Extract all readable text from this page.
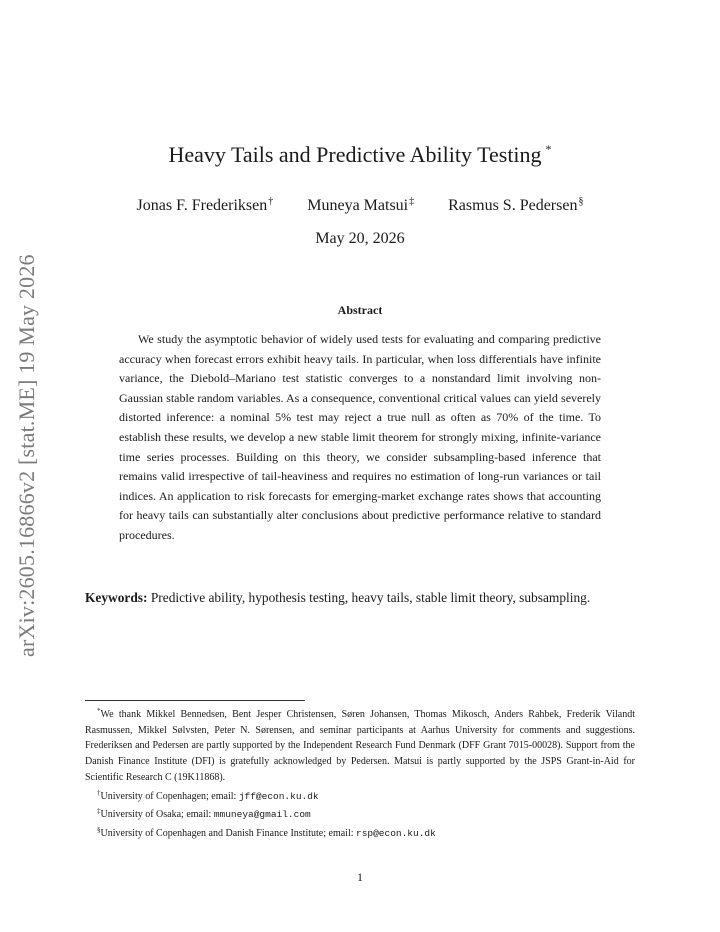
arXiv:2605.16866v2 [stat.ME] 19 May 2026
Heavy Tails and Predictive Ability Testing *
Jonas F. Frederiksen† Muneya Matsui‡ Rasmus S. Pedersen§
May 20, 2026
Abstract
We study the asymptotic behavior of widely used tests for evaluating and comparing predictive accuracy when forecast errors exhibit heavy tails. In particular, when loss differentials have infinite variance, the Diebold–Mariano test statistic converges to a nonstandard limit involving non-Gaussian stable random variables. As a consequence, conventional critical values can yield severely distorted inference: a nominal 5% test may reject a true null as often as 70% of the time. To establish these results, we develop a new stable limit theorem for strongly mixing, infinite-variance time series processes. Building on this theory, we consider subsampling-based inference that remains valid irrespective of tail-heaviness and requires no estimation of long-run variances or tail indices. An application to risk forecasts for emerging-market exchange rates shows that accounting for heavy tails can substantially alter conclusions about predictive performance relative to standard procedures.
Keywords: Predictive ability, hypothesis testing, heavy tails, stable limit theory, subsampling.
*We thank Mikkel Bennedsen, Bent Jesper Christensen, Søren Johansen, Thomas Mikosch, Anders Rahbek, Frederik Vilandt Rasmussen, Mikkel Sølvsten, Peter N. Sørensen, and seminar participants at Aarhus University for comments and suggestions. Frederiksen and Pedersen are partly supported by the Independent Research Fund Denmark (DFF Grant 7015-00028). Support from the Danish Finance Institute (DFI) is gratefully acknowledged by Pedersen. Matsui is partly supported by the JSPS Grant-in-Aid for Scientific Research C (19K11868).
†University of Copenhagen; email: jff@econ.ku.dk
‡University of Osaka; email: mmuneya@gmail.com
§University of Copenhagen and Danish Finance Institute; email: rsp@econ.ku.dk
1
